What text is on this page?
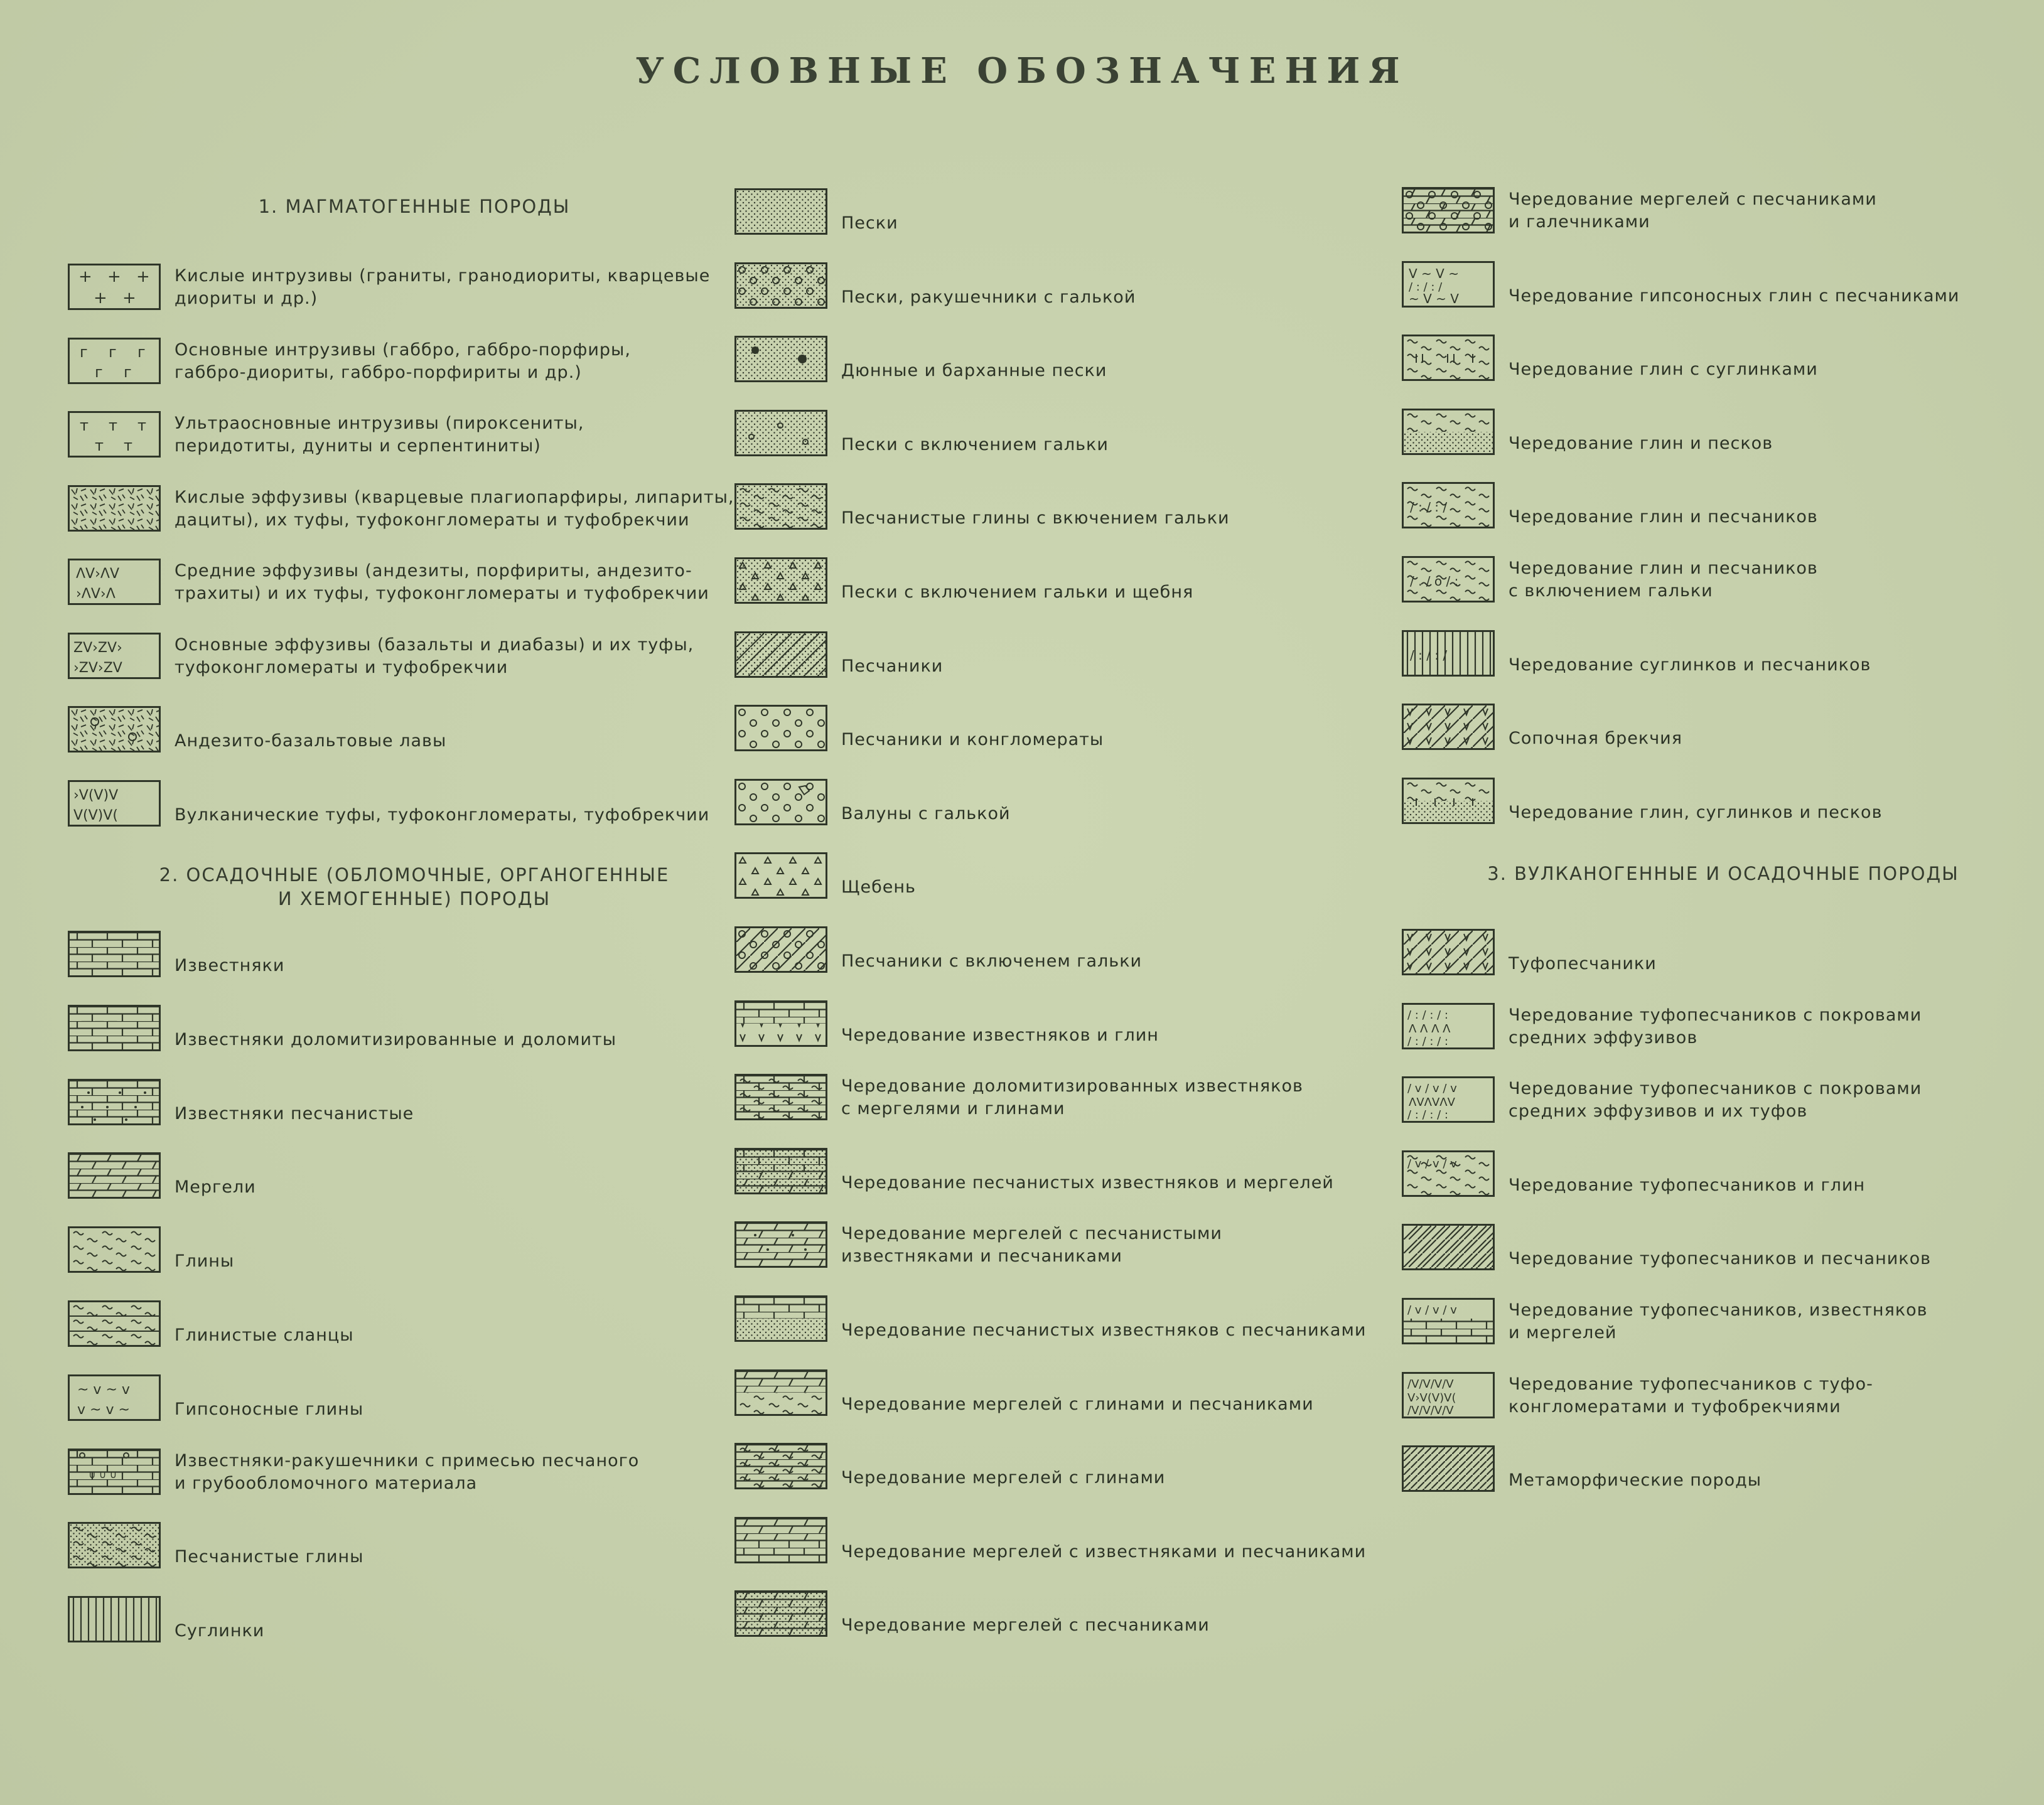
УСЛОВНЫЕ ОБОЗНАЧЕНИЯ
1. МАГМАТОГЕННЫЕ ПОРОДЫ
2. ОСАДОЧНЫЕ (ОБЛОМОЧНЫЕ, ОРГАНОГЕННЫЕ
И ХЕМОГЕННЫЕ) ПОРОДЫ
3. ВУЛКАНОГЕННЫЕ И ОСАДОЧНЫЕ ПОРОДЫ
+ + +
+ +
Кислые интрузивы (граниты, гранодиориты, кварцевые
диориты и др.)
г г г
г г
Основные интрузивы (габбро, габбро-порфиры,
габбро-диориты, габбро-порфириты и др.)
т т т
т т
Ультраосновные интрузивы (пироксениты,
перидотиты, дуниты и серпентиниты)
Кислые эффузивы (кварцевые плагиопарфиры, липариты,
дациты), их туфы, туфоконгломераты и туфобрекчии
ΛV›ΛV
›ΛV›Λ
Средние эффузивы (андезиты, порфириты, андезито-
трахиты) и их туфы, туфоконгломераты и туфобрекчии
ZV›ZV›
›ZV›ZV
Основные эффузивы (базальты и диабазы) и их туфы,
туфоконгломераты и туфобрекчии
Андезито-базальтовые лавы
›V(V)V
V(V)V(	Вулканические туфы, туфоконгломераты, туфобрекчии
Известняки
— — —
— — —	Известняки доломитизированные и доломиты
Известняки песчанистые
Мергели
Глины
Глинистые сланцы
~ v ~ v
v ~ v ~	Гипсоносные глины
∪ ∪ ∪
Известняки-ракушечники с примесью песчаного
и грубообломочного материала
Песчанистые глины
Суглинки
Пески
Пески, ракушечники с галькой
Дюнные и барханные пески
Пески с включением гальки
Песчанистые глины с вкючением гальки
Пески с включением гальки и щебня
Песчаники
Песчаники и конгломераты
Валуны с галькой
Щебень
Песчаники с включенем гальки
Чередование известняков и глин
Чередование доломитизированных известняков
с мергелями и глинами
Чередование песчанистых известняков и мергелей
Чередование мергелей с песчанистыми
известняками и песчаниками
Чередование песчанистых известняков с песчаниками
Чередование мергелей с глинами и песчаниками
Чередование мергелей с глинами
Чередование мергелей с известняками и песчаниками
Чередование мергелей с песчаниками
Чередование мергелей с песчаниками
и галечниками
V ~ V ~
/ : / : /
~ V ~ V	Чередование гипсоносных глин с песчаниками
Чередование глин с суглинками
Чередование глин и песков
/ : / : /	Чередование глин и песчаников
/ . / o / :
Чередование глин и песчаников
с включением гальки
/ : / : /	Чередование суглинков и песчаников
Сопочная брекчия
Чередование глин, суглинков и песков
Туфопесчаники
/ : / : / :
Λ Λ Λ Λ
/ : / : / :
Чередование туфопесчаников с покровами
средних эффузивов
/ v / v / v
ΛVΛVΛV
/ : / : / :
Чередование туфопесчаников с покровами
средних эффузивов и их туфов
Чередование туфопесчаников и глин
Чередование туфопесчаников и песчаников
/ v / v / v	Чередование туфопесчаников, известняков
и мергелей
/V/V/V/V
V›V(V)V(
/V/V/V/V
Чередование туфопесчаников с туфо-
конгломератами и туфобрекчиями
Метаморфические породы
